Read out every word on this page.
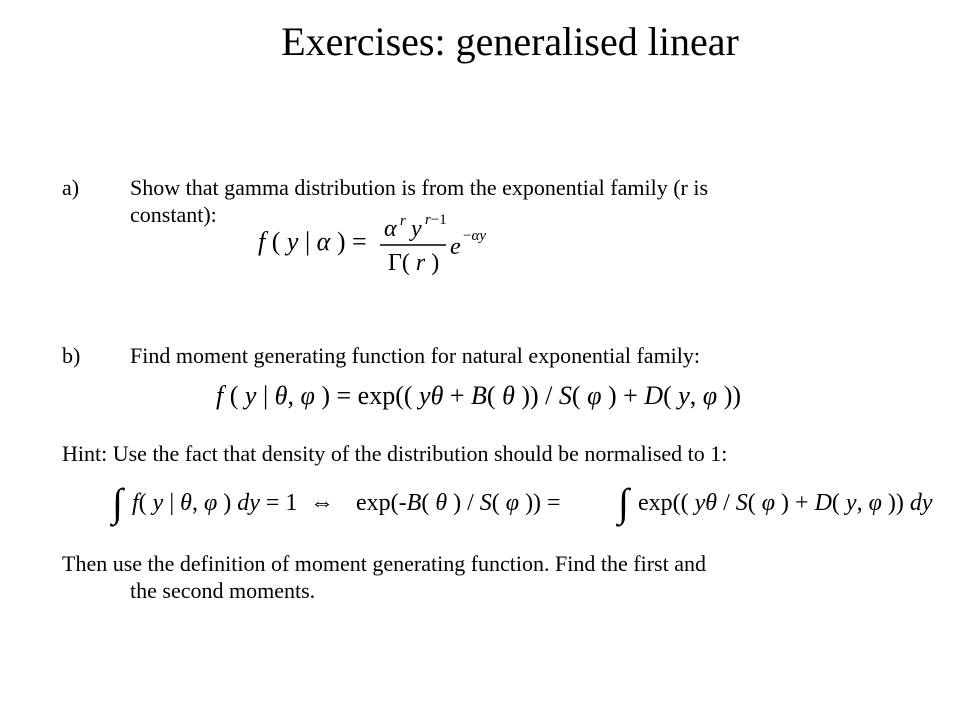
Exercises: generalised linear
a) Show that gamma distribution is from the exponential family (r is
constant):
f ( y | α ) = α r y r−1
Γ( r )
e −αy
b) Find moment generating function for natural exponential family:
f ( y | θ, φ ) = exp(( yθ + B( θ )) / S( φ ) + D( y, φ ))
Hint: Use the fact that density of the distribution should be normalised to 1:
∫ f( y | θ, φ ) dy = 1 ⇔ exp(-B( θ ) / S( φ )) = ∫ exp(( yθ / S( φ ) + D( y, φ )) dy
Then use the definition of moment generating function. Find the first and
the second moments.
